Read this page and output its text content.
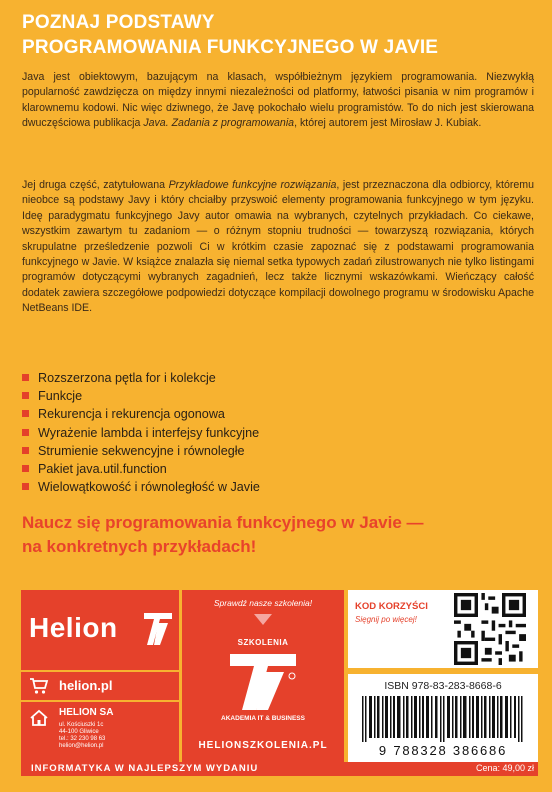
POZNAJ PODSTAWY
PROGRAMOWANIA FUNKCYJNEGO W JAVIE
Java jest obiektowym, bazującym na klasach, współbieżnym językiem programowania. Niezwykłą popularność zawdzięcza on między innymi niezależności od platformy, łatwości pisania w nim programów i klarownemu kodowi. Nic więc dziwnego, że Javę pokochało wielu programistów. To do nich jest skierowana dwuczęściowa publikacja Java. Zadania z programowania, której autorem jest Mirosław J. Kubiak.
Jej druga część, zatytułowana Przykładowe funkcyjne rozwiązania, jest przeznaczona dla odbiorcy, któremu nieobce są podstawy Javy i który chciałby przyswoić elementy programowania funkcyjnego w tym języku. Ideę paradygmatu funkcyjnego Javy autor omawia na wybranych, czytelnych przykładach. Co ciekawe, wszystkim zawartym tu zadaniom — o różnym stopniu trudności — towarzyszą rozwiązania, których skrupulatne prześledzenie pozwoli Ci w krótkim czasie zapoznać się z podstawami programowania funkcyjnego w Javie. W książce znalazła się niemal setka typowych zadań zilustrowanych nie tylko listingami programów dotyczącymi wybranych zagadnień, lecz także licznymi wskazówkami. Wieńczący całość dodatek zawiera szczegółowe podpowiedzi dotyczące kompilacji dowolnego programu w środowisku Apache NetBeans IDE.
Rozszerzona pętla for i kolekcje
Funkcje
Rekurencja i rekurencja ogonowa
Wyrażenie lambda i interfejsy funkcyjne
Strumienie sekwencyjne i równoległe
Pakiet java.util.function
Wielowątkowość i równoległość w Javie
Naucz się programowania funkcyjnego w Javie —
na konkretnych przykładach!
Helion
helion.pl
HELION SA
ul. Kościuszki 1c
44-100 Gliwice
tel.: 32 230 98 63
helion@helion.pl
Sprawdź nasze szkolenia!
SZKOLENIA
AKADEMIA IT & BUSINESS
HELIONSZKOLENIA.PL
KOD KORZYŚCI
Sięgnij po więcej!
ISBN 978-83-283-8668-6
9 788328 386686
INFORMATYKA W NAJLEPSZYM WYDANIU	Cena: 49,00 zł
